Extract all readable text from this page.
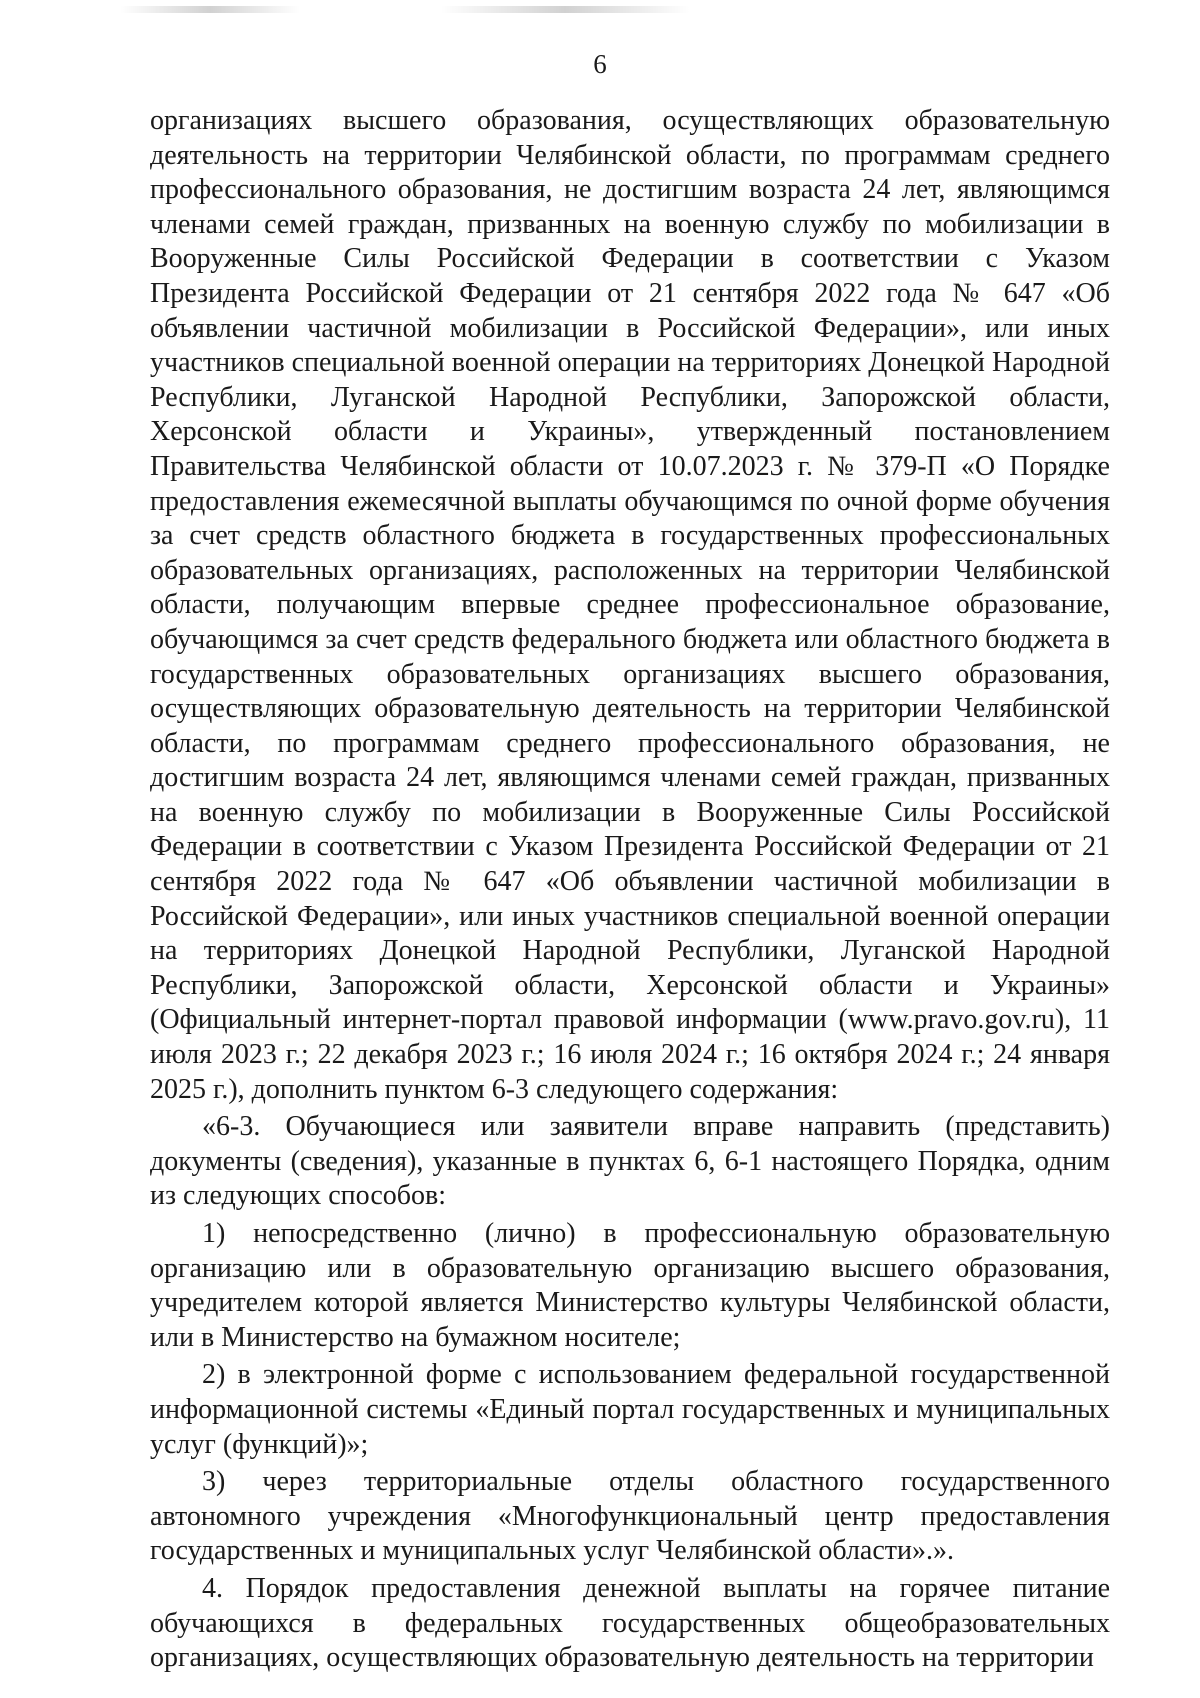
6

организациях высшего образования, осуществляющих образовательную деятельность на территории Челябинской области, по программам среднего профессионального образования, не достигшим возраста 24 лет, являющимся членами семей граждан, призванных на военную службу по мобилизации в Вооруженные Силы Российской Федерации в соответствии с Указом Президента Российской Федерации от 21 сентября 2022 года № 647 «Об объявлении частичной мобилизации в Российской Федерации», или иных участников специальной военной операции на территориях Донецкой Народной Республики, Луганской Народной Республики, Запорожской области, Херсонской области и Украины», утвержденный постановлением Правительства Челябинской области от 10.07.2023 г. № 379-П «О Порядке предоставления ежемесячной выплаты обучающимся по очной форме обучения за счет средств областного бюджета в государственных профессиональных образовательных организациях, расположенных на территории Челябинской области, получающим впервые среднее профессиональное образование, обучающимся за счет средств федерального бюджета или областного бюджета в государственных образовательных организациях высшего образования, осуществляющих образовательную деятельность на территории Челябинской области, по программам среднего профессионального образования, не достигшим возраста 24 лет, являющимся членами семей граждан, призванных на военную службу по мобилизации в Вооруженные Силы Российской Федерации в соответствии с Указом Президента Российской Федерации от 21 сентября 2022 года № 647 «Об объявлении частичной мобилизации в Российской Федерации», или иных участников специальной военной операции на территориях Донецкой Народной Республики, Луганской Народной Республики, Запорожской области, Херсонской области и Украины» (Официальный интернет-портал правовой информации (www.pravo.gov.ru), 11 июля 2023 г.; 22 декабря 2023 г.; 16 июля 2024 г.; 16 октября 2024 г.; 24 января 2025 г.), дополнить пунктом 6-3 следующего содержания:

«6-3. Обучающиеся или заявители вправе направить (представить) документы (сведения), указанные в пунктах 6, 6-1 настоящего Порядка, одним из следующих способов:

1) непосредственно (лично) в профессиональную образовательную организацию или в образовательную организацию высшего образования, учредителем которой является Министерство культуры Челябинской области, или в Министерство на бумажном носителе;

2) в электронной форме с использованием федеральной государственной информационной системы «Единый портал государственных и муниципальных услуг (функций)»;

3) через территориальные отделы областного государственного автономного учреждения «Многофункциональный центр предоставления государственных и муниципальных услуг Челябинской области».».

4. Порядок предоставления денежной выплаты на горячее питание обучающихся в федеральных государственных общеобразовательных организациях, осуществляющих образовательную деятельность на территории
